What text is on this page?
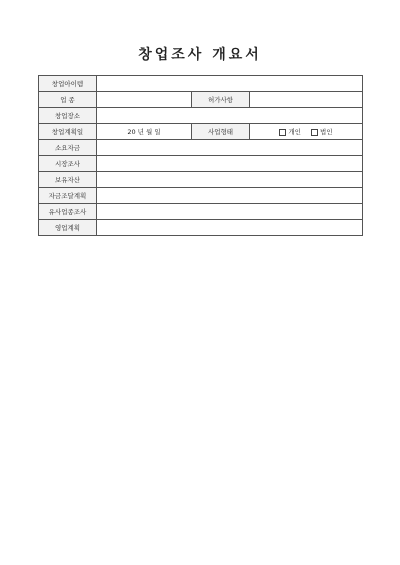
창업조사 개요서
창업아이템			
업 종		허가사항	
창업장소			
창업계획일	20 년 월 일	사업형태	개인 법인
소요자금			
시장조사			
보유자산			
자금조달계획			
유사업종조사			
영업계획			
